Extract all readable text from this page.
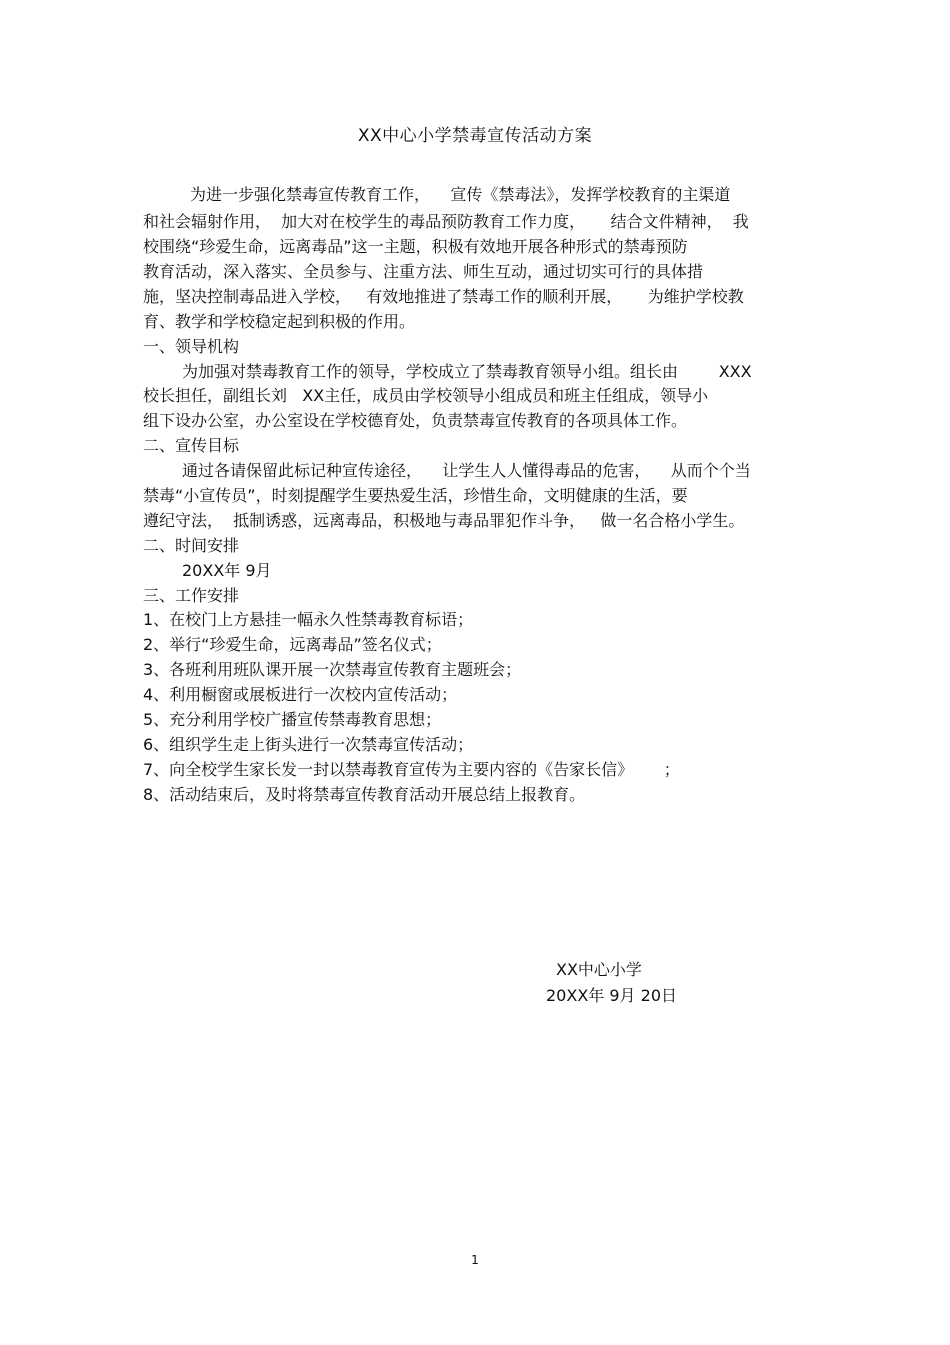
XX中心小学禁毒宣传活动方案
为进一步强化禁毒宣传教育工作，    宣传《禁毒法》，发挥学校教育的主渠道
和社会辐射作用，  加大对在校学生的毒品预防教育工作力度，     结合文件精神，  我
校围绕“珍爱生命，远离毒品”这一主题，积极有效地开展各种形式的禁毒预防
教育活动，深入落实、全员参与、注重方法、师生互动，通过切实可行的具体措
施，坚决控制毒品进入学校，   有效地推进了禁毒工作的顺利开展，     为维护学校教
育、教学和学校稳定起到积极的作用。
一、领导机构
为加强对禁毒教育工作的领导，学校成立了禁毒教育领导小组。组长由        XXX
校长担任，副组长刘   XX主任，成员由学校领导小组成员和班主任组成，领导小
组下设办公室，办公室设在学校德育处，负责禁毒宣传教育的各项具体工作。
二、宣传目标
通过各请保留此标记种宣传途径，    让学生人人懂得毒品的危害，    从而个个当
禁毒“小宣传员”，时刻提醒学生要热爱生活，珍惜生命，文明健康的生活，要
遵纪守法，  抵制诱惑，远离毒品，积极地与毒品罪犯作斗争，   做一名合格小学生。
二、时间安排
20XX年 9月
三、工作安排
1、在校门上方悬挂一幅永久性禁毒教育标语；
2、举行“珍爱生命，远离毒品”签名仪式；
3、各班利用班队课开展一次禁毒宣传教育主题班会；
4、利用橱窗或展板进行一次校内宣传活动；
5、充分利用学校广播宣传禁毒教育思想；
6、组织学生走上街头进行一次禁毒宣传活动；
7、向全校学生家长发一封以禁毒教育宣传为主要内容的《告家长信》      ；
8、活动结束后，及时将禁毒宣传教育活动开展总结上报教育。
XX中心小学
20XX年 9月 20日
1
